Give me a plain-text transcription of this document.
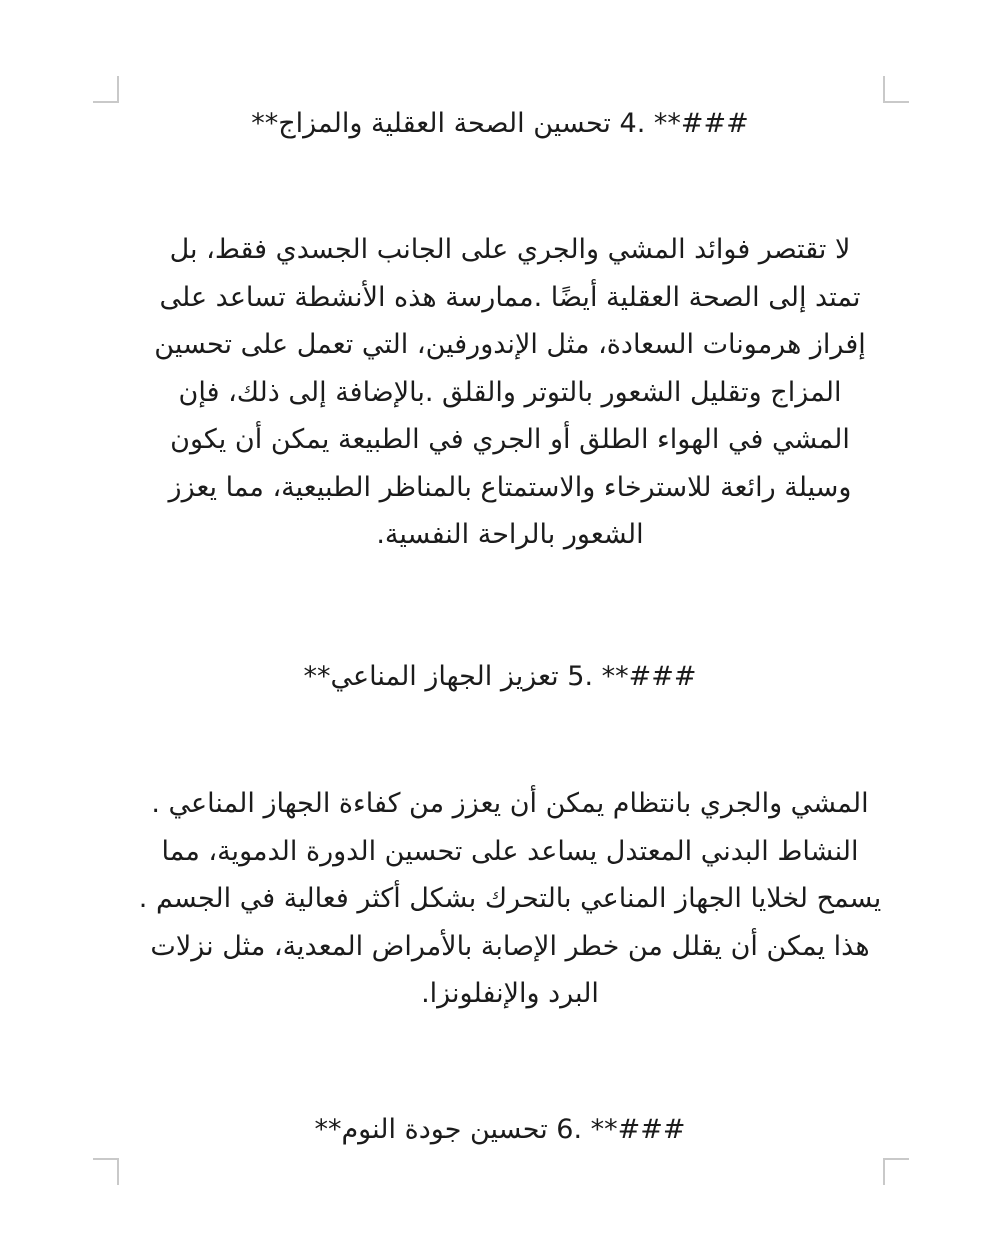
###** .4 تحسين الصحة العقلية والمزاج**
لا تقتصر فوائد المشي والجري على الجانب الجسدي فقط، بل
تمتد إلى الصحة العقلية أيضًا .ممارسة هذه الأنشطة تساعد على
إفراز هرمونات السعادة، مثل الإندورفين، التي تعمل على تحسين
المزاج وتقليل الشعور بالتوتر والقلق .بالإضافة إلى ذلك، فإن
المشي في الهواء الطلق أو الجري في الطبيعة يمكن أن يكون
وسيلة رائعة للاسترخاء والاستمتاع بالمناظر الطبيعية، مما يعزز
الشعور بالراحة النفسية.
###** .5 تعزيز الجهاز المناعي**
المشي والجري بانتظام يمكن أن يعزز من كفاءة الجهاز المناعي .
النشاط البدني المعتدل يساعد على تحسين الدورة الدموية، مما
يسمح لخلايا الجهاز المناعي بالتحرك بشكل أكثر فعالية في الجسم .
هذا يمكن أن يقلل من خطر الإصابة بالأمراض المعدية، مثل نزلات
البرد والإنفلونزا.
###** .6 تحسين جودة النوم**
